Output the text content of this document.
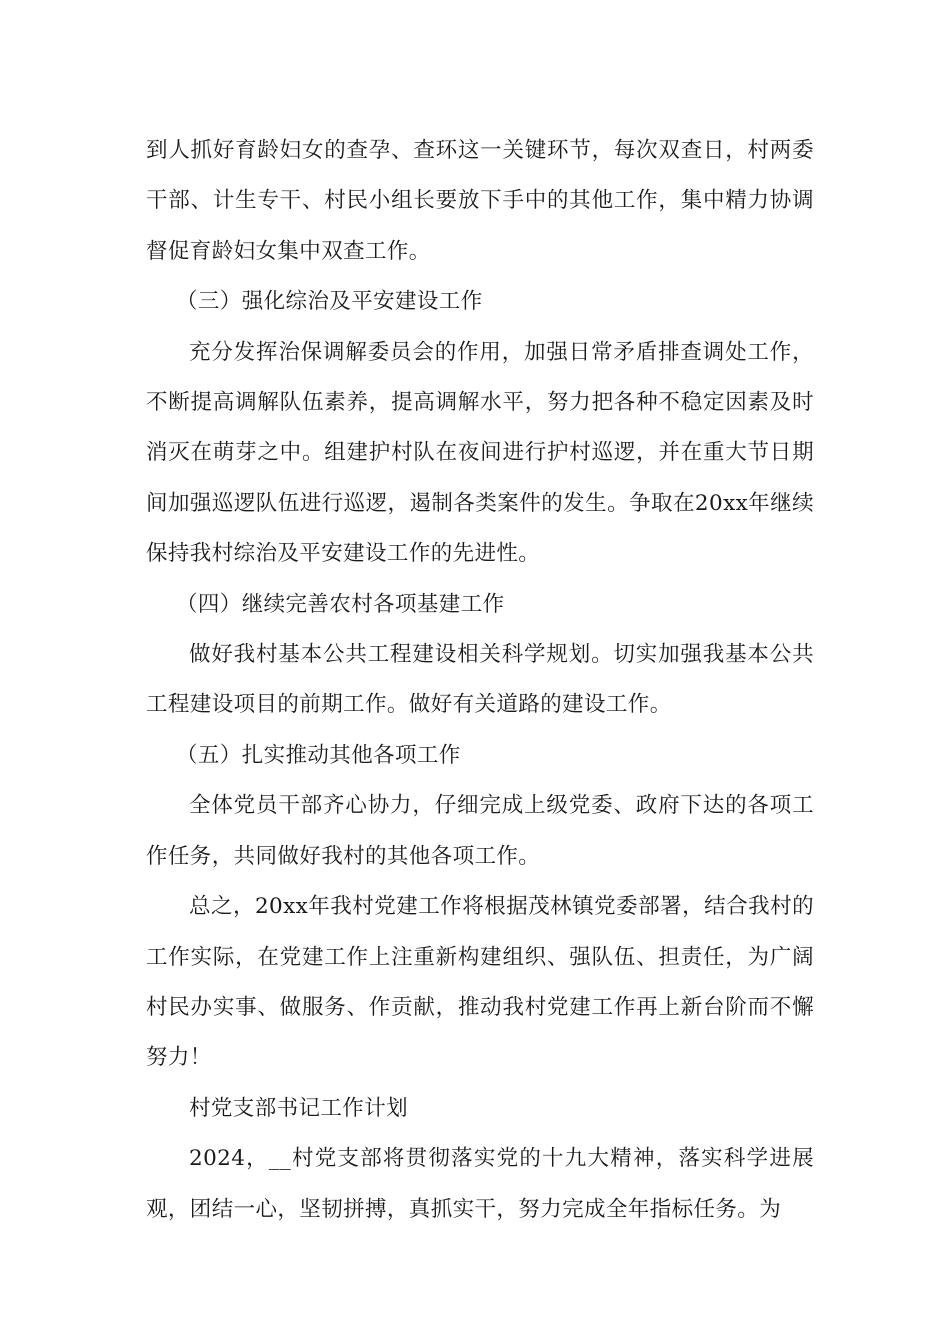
到人抓好育龄妇女的查孕、查环这一关键环节，每次双查日，村两委干部、计生专干、村民小组长要放下手中的其他工作，集中精力协调督促育龄妇女集中双查工作。

（三）强化综治及平安建设工作

充分发挥治保调解委员会的作用，加强日常矛盾排查调处工作，不断提高调解队伍素养，提高调解水平，努力把各种不稳定因素及时消灭在萌芽之中。组建护村队在夜间进行护村巡逻，并在重大节日期间加强巡逻队伍进行巡逻，遏制各类案件的发生。争取在20xx年继续保持我村综治及平安建设工作的先进性。

（四）继续完善农村各项基建工作

做好我村基本公共工程建设相关科学规划。切实加强我基本公共工程建设项目的前期工作。做好有关道路的建设工作。

（五）扎实推动其他各项工作

全体党员干部齐心协力，仔细完成上级党委、政府下达的各项工作任务，共同做好我村的其他各项工作。

总之，20xx年我村党建工作将根据茂林镇党委部署，结合我村的工作实际，在党建工作上注重新构建组织、强队伍、担责任，为广阔村民办实事、做服务、作贡献，推动我村党建工作再上新台阶而不懈努力！

村党支部书记工作计划

2024，__村党支部将贯彻落实党的十九大精神，落实科学进展观，团结一心，坚韧拼搏，真抓实干，努力完成全年指标任务。为
